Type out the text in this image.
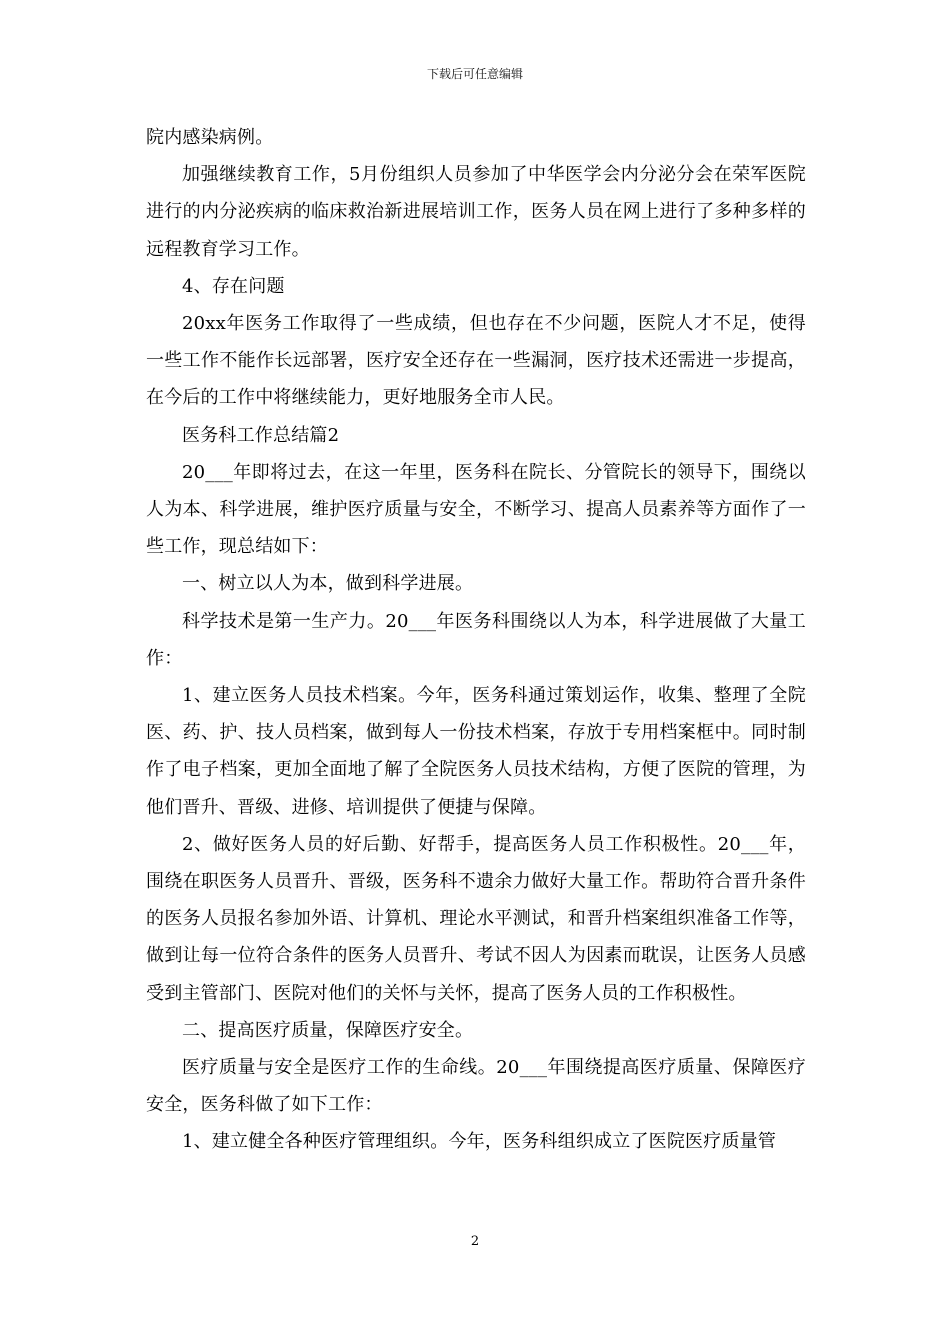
下载后可任意编辑

院内感染病例。

加强继续教育工作，5月份组织人员参加了中华医学会内分泌分会在荣军医院进行的内分泌疾病的临床救治新进展培训工作，医务人员在网上进行了多种多样的远程教育学习工作。

4、存在问题

20xx年医务工作取得了一些成绩，但也存在不少问题，医院人才不足，使得一些工作不能作长远部署，医疗安全还存在一些漏洞，医疗技术还需进一步提高，在今后的工作中将继续能力，更好地服务全市人民。

医务科工作总结篇2

20___年即将过去，在这一年里，医务科在院长、分管院长的领导下，围绕以人为本、科学进展，维护医疗质量与安全，不断学习、提高人员素养等方面作了一些工作，现总结如下：

一、树立以人为本，做到科学进展。

科学技术是第一生产力。20___年医务科围绕以人为本，科学进展做了大量工作：

1、建立医务人员技术档案。今年，医务科通过策划运作，收集、整理了全院医、药、护、技人员档案，做到每人一份技术档案，存放于专用档案框中。同时制作了电子档案，更加全面地了解了全院医务人员技术结构，方便了医院的管理，为他们晋升、晋级、进修、培训提供了便捷与保障。

2、做好医务人员的好后勤、好帮手，提高医务人员工作积极性。20___年，围绕在职医务人员晋升、晋级，医务科不遗余力做好大量工作。帮助符合晋升条件的医务人员报名参加外语、计算机、理论水平测试，和晋升档案组织准备工作等，做到让每一位符合条件的医务人员晋升、考试不因人为因素而耽误，让医务人员感受到主管部门、医院对他们的关怀与关怀，提高了医务人员的工作积极性。

二、提高医疗质量，保障医疗安全。

医疗质量与安全是医疗工作的生命线。20___年围绕提高医疗质量、保障医疗安全，医务科做了如下工作：

1、建立健全各种医疗管理组织。今年，医务科组织成立了医院医疗质量管

2
